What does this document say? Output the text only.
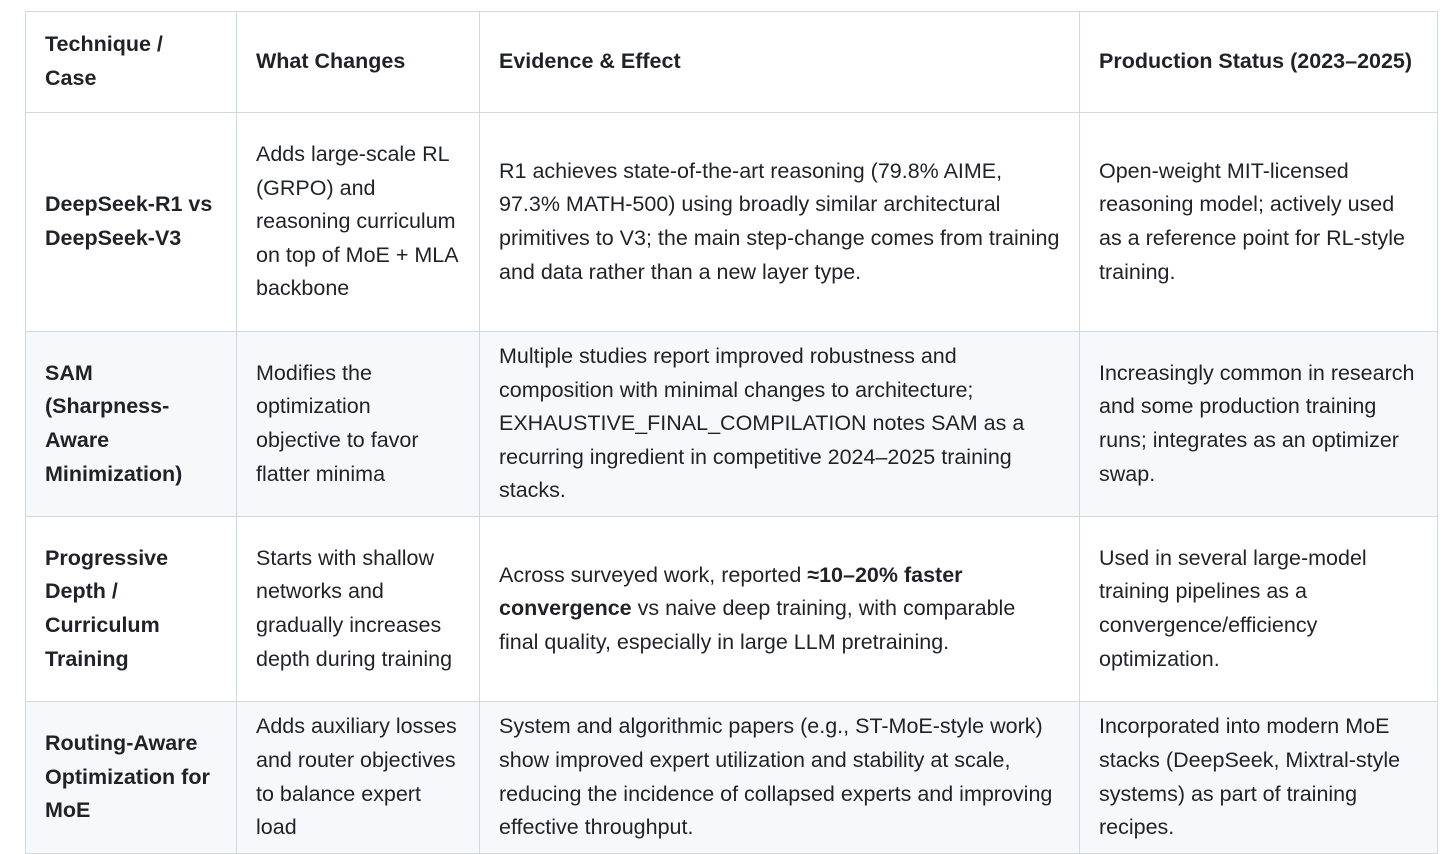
Technique / Case	What Changes	Evidence & Effect	Production Status (2023–2025)
DeepSeek-R1 vs DeepSeek-V3	Adds large-scale RL (GRPO) and reasoning curriculum on top of MoE + MLA backbone	R1 achieves state-of-the-art reasoning (79.8% AIME, 97.3% MATH-500) using broadly similar architectural primitives to V3; the main step-change comes from training and data rather than a new layer type.	Open-weight MIT-licensed reasoning model; actively used as a reference point for RL-style training.
SAM (Sharpness-Aware Minimization)	Modifies the optimization objective to favor flatter minima	Multiple studies report improved robustness and composition with minimal changes to architecture; EXHAUSTIVE_FINAL_COMPILATION notes SAM as a recurring ingredient in competitive 2024–2025 training stacks.	Increasingly common in research and some production training runs; integrates as an optimizer swap.
Progressive Depth / Curriculum Training	Starts with shallow networks and gradually increases depth during training	Across surveyed work, reported ≈10–20% faster convergence vs naive deep training, with comparable final quality, especially in large LLM pretraining.	Used in several large-model training pipelines as a convergence/efficiency optimization.
Routing-Aware Optimization for MoE	Adds auxiliary losses and router objectives to balance expert load	System and algorithmic papers (e.g., ST-MoE-style work) show improved expert utilization and stability at scale, reducing the incidence of collapsed experts and improving effective throughput.	Incorporated into modern MoE stacks (DeepSeek, Mixtral-style systems) as part of training recipes.
